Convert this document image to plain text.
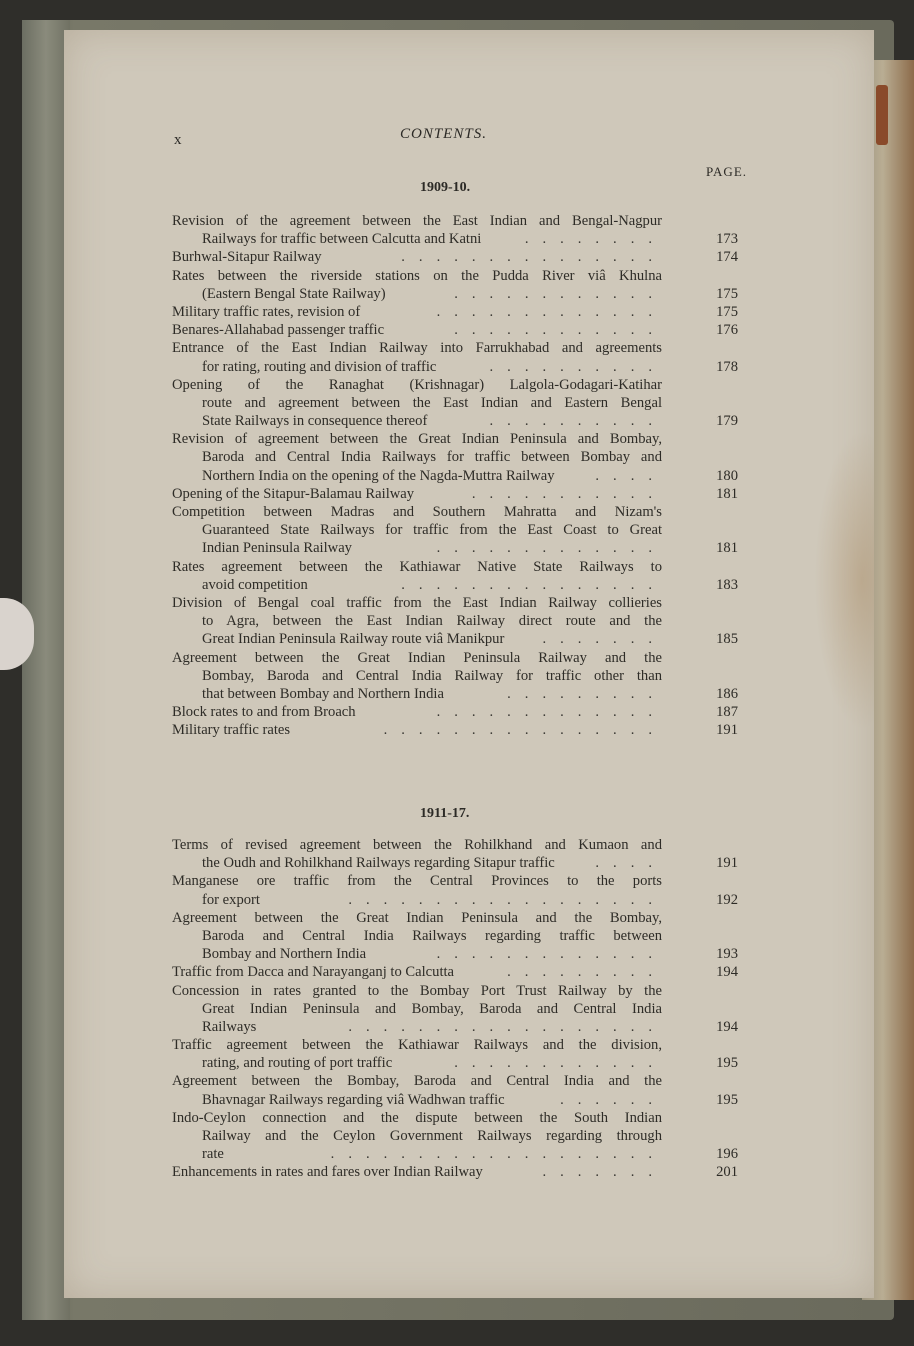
x	CONTENTS.
PAGE.
1909-10.
Revision of the agreement between the East Indian and Bengal-Nagpur
Railways for traffic between Calcutta and Katni	........	173
Burhwal-Sitapur Railway	...............	174
Rates between the riverside stations on the Pudda River viâ Khulna
(Eastern Bengal State Railway)	............	175
Military traffic rates, revision of	.............	175
Benares-Allahabad passenger traffic	............	176
Entrance of the East Indian Railway into Farrukhabad and agreements
for rating, routing and division of traffic	..........	178
Opening of the Ranaghat (Krishnagar) Lalgola-Godagari-Katihar
route and agreement between the East Indian and Eastern Bengal
State Railways in consequence thereof	..........	179
Revision of agreement between the Great Indian Peninsula and Bombay,
Baroda and Central India Railways for traffic between Bombay and
Northern India on the opening of the Nagda-Muttra Railway	....	180
Opening of the Sitapur-Balamau Railway	...........	181
Competition between Madras and Southern Mahratta and Nizam's
Guaranteed State Railways for traffic from the East Coast to Great
Indian Peninsula Railway	.............	181
Rates agreement between the Kathiawar Native State Railways to
avoid competition	...............	183
Division of Bengal coal traffic from the East Indian Railway collieries
to Agra, between the East Indian Railway direct route and the
Great Indian Peninsula Railway route viâ Manikpur	.......	185
Agreement between the Great Indian Peninsula Railway and the
Bombay, Baroda and Central India Railway for traffic other than
that between Bombay and Northern India	.........	186
Block rates to and from Broach	.............	187
Military traffic rates	................	191
1911-17.
Terms of revised agreement between the Rohilkhand and Kumaon and
the Oudh and Rohilkhand Railways regarding Sitapur traffic	....	191
Manganese ore traffic from the Central Provinces to the ports
for export	..................	192
Agreement between the Great Indian Peninsula and the Bombay,
Baroda and Central India Railways regarding traffic between
Bombay and Northern India	.............	193
Traffic from Dacca and Narayanganj to Calcutta	.........	194
Concession in rates granted to the Bombay Port Trust Railway by the
Great Indian Peninsula and Bombay, Baroda and Central India
Railways	..................	194
Traffic agreement between the Kathiawar Railways and the division,
rating, and routing of port traffic	............	195
Agreement between the Bombay, Baroda and Central India and the
Bhavnagar Railways regarding viâ Wadhwan traffic	......	195
Indo-Ceylon connection and the dispute between the South Indian
Railway and the Ceylon Government Railways regarding through
rate	...................	196
Enhancements in rates and fares over Indian Railway	.......	201
